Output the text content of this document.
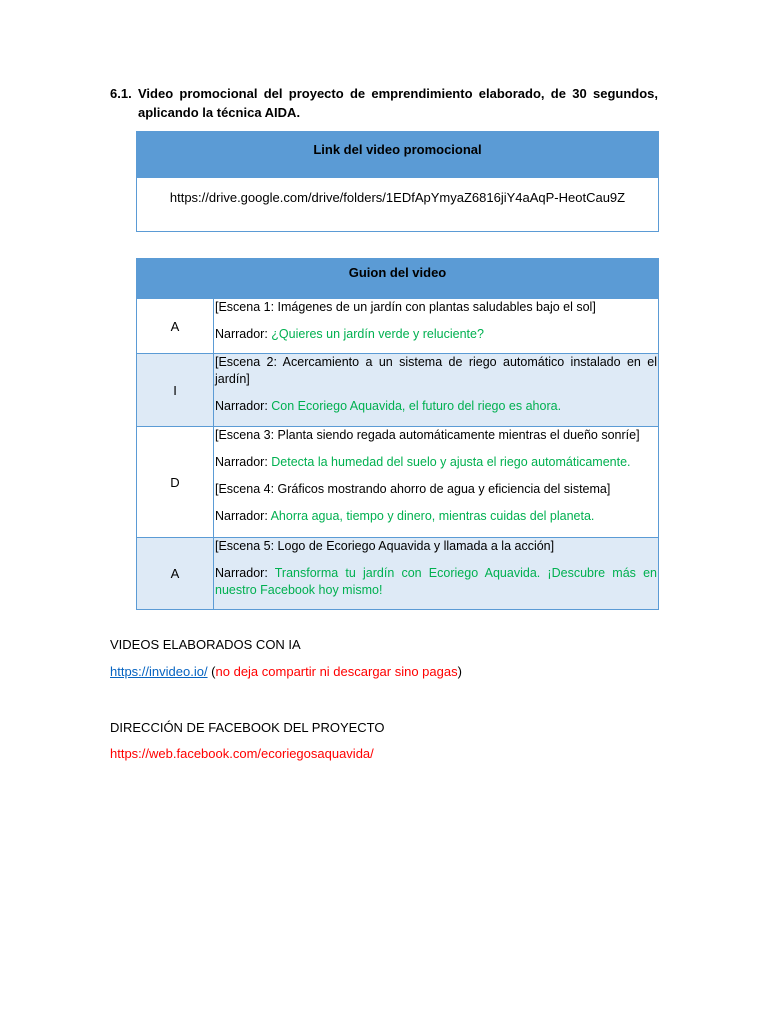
6.1. Video promocional del proyecto de emprendimiento elaborado, de 30 segundos, aplicando la técnica AIDA.
Link del video promocional
https://drive.google.com/drive/folders/1EDfApYmyaZ6816jiY4aAqP-HeotCau9Z
Guion del video	
A	[Escena 1: Imágenes de un jardín con plantas saludables bajo el sol]

Narrador: ¿Quieres un jardín verde y reluciente?

I	[Escena 2: Acercamiento a un sistema de riego automático instalado en el jardín]

Narrador: Con Ecoriego Aquavida, el futuro del riego es ahora.

D	[Escena 3: Planta siendo regada automáticamente mientras el dueño sonríe]

Narrador: Detecta la humedad del suelo y ajusta el riego automáticamente.

[Escena 4: Gráficos mostrando ahorro de agua y eficiencia del sistema]

Narrador: Ahorra agua, tiempo y dinero, mientras cuidas del planeta.

A	[Escena 5: Logo de Ecoriego Aquavida y llamada a la acción]

Narrador: Transforma tu jardín con Ecoriego Aquavida. ¡Descubre más en nuestro Facebook hoy mismo!

VIDEOS ELABORADOS CON IA
https://invideo.io/ (no deja compartir ni descargar sino pagas)
DIRECCIÓN DE FACEBOOK DEL PROYECTO
https://web.facebook.com/ecoriegosaquavida/
